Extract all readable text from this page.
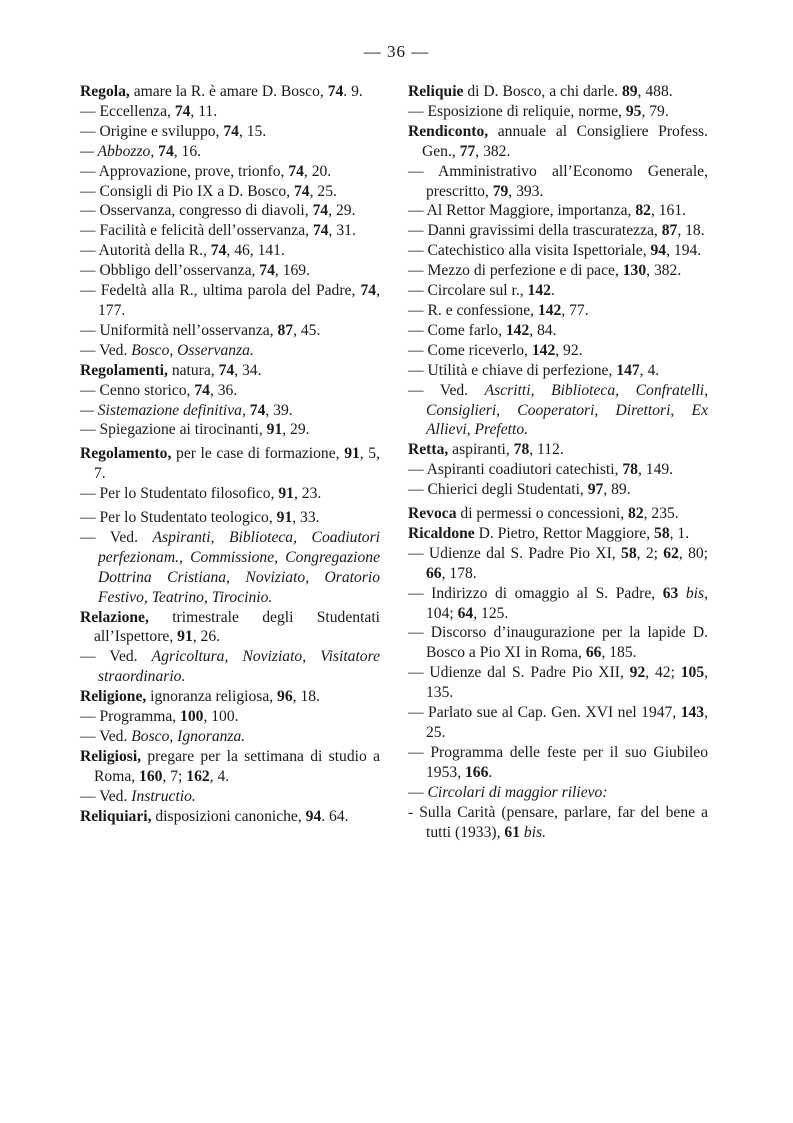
— 36 —
Regola, amare la R. è amare D. Bosco, 74. 9.
— Eccellenza, 74, 11.
— Origine e sviluppo, 74, 15.
— Abbozzo, 74, 16.
— Approvazione, prove, trionfo, 74, 20.
— Consigli di Pio IX a D. Bosco, 74, 25.
— Osservanza, congresso di diavoli, 74, 29.
— Facilità e felicità dell’osservanza, 74, 31.
— Autorità della R., 74, 46, 141.
— Obbligo dell’osservanza, 74, 169.
— Fedeltà alla R., ultima parola del Padre, 74, 177.
— Uniformità nell’osservanza, 87, 45.
— Ved. Bosco, Osservanza.
Regolamenti, natura, 74, 34.
— Cenno storico, 74, 36.
— Sistemazione definitiva, 74, 39.
— Spiegazione ai tirocinanti, 91, 29.
Regolamento, per le case di formazione, 91, 5, 7.
— Per lo Studentato filosofico, 91, 23.
— Per lo Studentato teologico, 91, 33.
— Ved. Aspiranti, Biblioteca, Coadiutori perfezionam., Commissione, Congregazione Dottrina Cristiana, Noviziato, Oratorio Festivo, Teatrino, Tirocinio.
Relazione, trimestrale degli Studentati all’Ispettore, 91, 26.
— Ved. Agricoltura, Noviziato, Visitatore straordinario.
Religione, ignoranza religiosa, 96, 18.
— Programma, 100, 100.
— Ved. Bosco, Ignoranza.
Religiosi, pregare per la settimana di studio a Roma, 160, 7; 162, 4.
— Ved. Instructio.
Reliquiari, disposizioni canoniche, 94. 64.
Reliquie di D. Bosco, a chi darle. 89, 488.
— Esposizione di reliquie, norme, 95, 79.
Rendiconto, annuale al Consigliere Profess. Gen., 77, 382.
— Amministrativo all’Economo Generale, prescritto, 79, 393.
— Al Rettor Maggiore, importanza, 82, 161.
— Danni gravissimi della trascuratezza, 87, 18.
— Catechistico alla visita Ispettoriale, 94, 194.
— Mezzo di perfezione e di pace, 130, 382.
— Circolare sul r., 142.
— R. e confessione, 142, 77.
— Come farlo, 142, 84.
— Come riceverlo, 142, 92.
— Utilità e chiave di perfezione, 147, 4.
— Ved. Ascritti, Biblioteca, Confratelli, Consiglieri, Cooperatori, Direttori, Ex Allievi, Prefetto.
Retta, aspiranti, 78, 112.
— Aspiranti coadiutori catechisti, 78, 149.
— Chierici degli Studentati, 97, 89.
Revoca di permessi o concessioni, 82, 235.
Ricaldone D. Pietro, Rettor Maggiore, 58, 1.
— Udienze dal S. Padre Pio XI, 58, 2; 62, 80; 66, 178.
— Indirizzo di omaggio al S. Padre, 63 bis, 104; 64, 125.
— Discorso d’inaugurazione per la lapide D. Bosco a Pio XI in Roma, 66, 185.
— Udienze dal S. Padre Pio XII, 92, 42; 105, 135.
— Parlato sue al Cap. Gen. XVI nel 1947, 143, 25.
— Programma delle feste per il suo Giubileo 1953, 166.
— Circolari di maggior rilievo:
- Sulla Carità (pensare, parlare, far del bene a tutti (1933), 61 bis.
